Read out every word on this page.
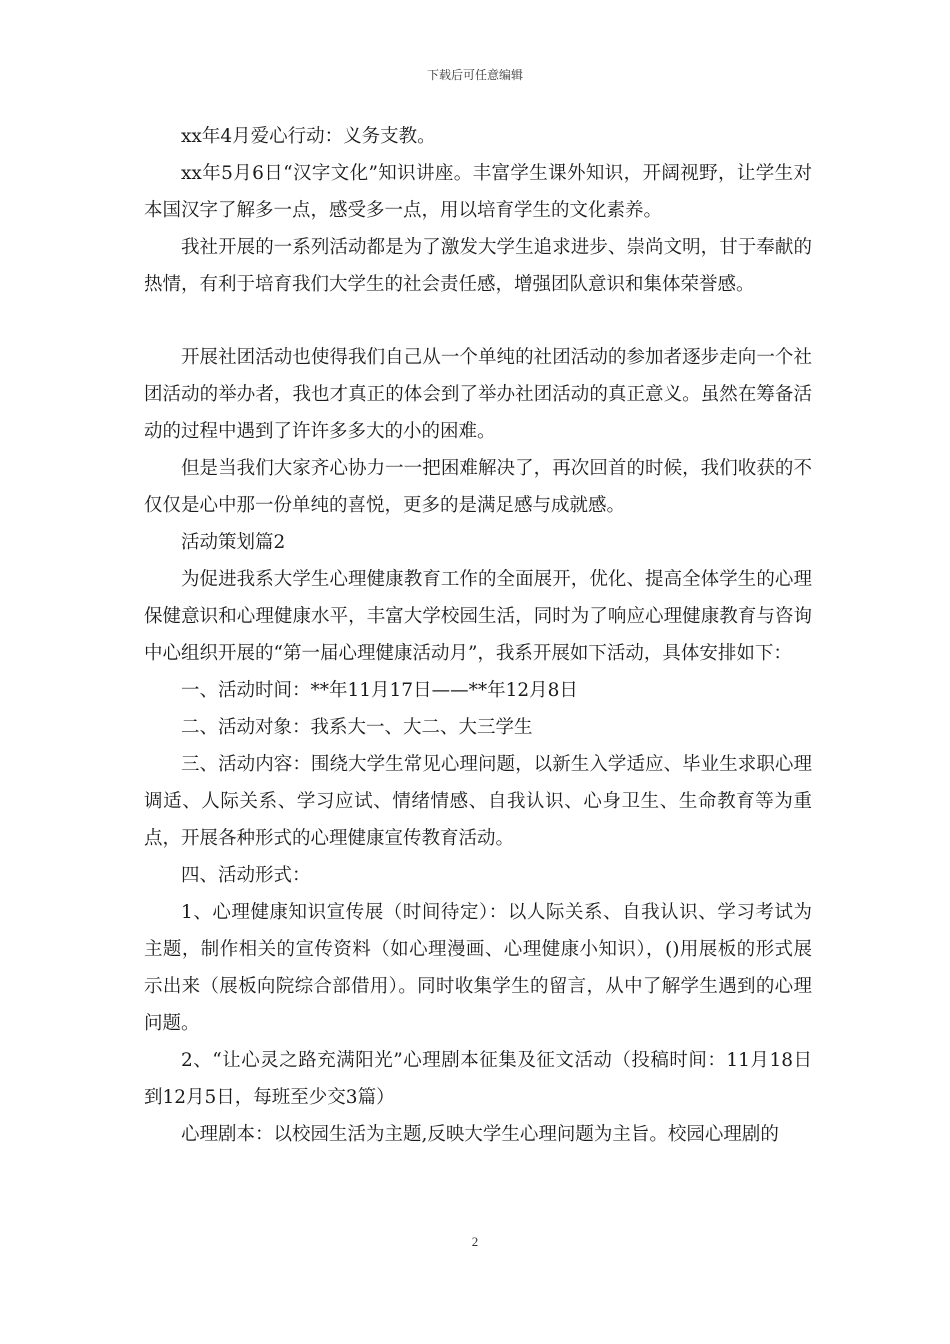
下载后可任意编辑

xx年4月爱心行动：义务支教。

xx年5月6日“汉字文化”知识讲座。丰富学生课外知识，开阔视野，让学生对本国汉字了解多一点，感受多一点，用以培育学生的文化素养。

我社开展的一系列活动都是为了激发大学生追求进步、崇尚文明，甘于奉献的热情，有利于培育我们大学生的社会责任感，增强团队意识和集体荣誉感。

开展社团活动也使得我们自己从一个单纯的社团活动的参加者逐步走向一个社团活动的举办者，我也才真正的体会到了举办社团活动的真正意义。虽然在筹备活动的过程中遇到了许许多多大的小的困难。

但是当我们大家齐心协力一一把困难解决了，再次回首的时候，我们收获的不仅仅是心中那一份单纯的喜悦，更多的是满足感与成就感。

活动策划篇2

为促进我系大学生心理健康教育工作的全面展开，优化、提高全体学生的心理保健意识和心理健康水平，丰富大学校园生活，同时为了响应心理健康教育与咨询中心组织开展的“第一届心理健康活动月”，我系开展如下活动，具体安排如下：

一、活动时间：**年11月17日——**年12月8日

二、活动对象：我系大一、大二、大三学生

三、活动内容：围绕大学生常见心理问题，以新生入学适应、毕业生求职心理调适、人际关系、学习应试、情绪情感、自我认识、心身卫生、生命教育等为重点，开展各种形式的心理健康宣传教育活动。

四、活动形式：

1、心理健康知识宣传展（时间待定）：以人际关系、自我认识、学习考试为主题，制作相关的宣传资料（如心理漫画、心理健康小知识），()用展板的形式展示出来（展板向院综合部借用）。同时收集学生的留言，从中了解学生遇到的心理问题。

2、“让心灵之路充满阳光”心理剧本征集及征文活动（投稿时间：11月18日到12月5日，每班至少交3篇）

心理剧本：以校园生活为主题,反映大学生心理问题为主旨。校园心理剧的

2
